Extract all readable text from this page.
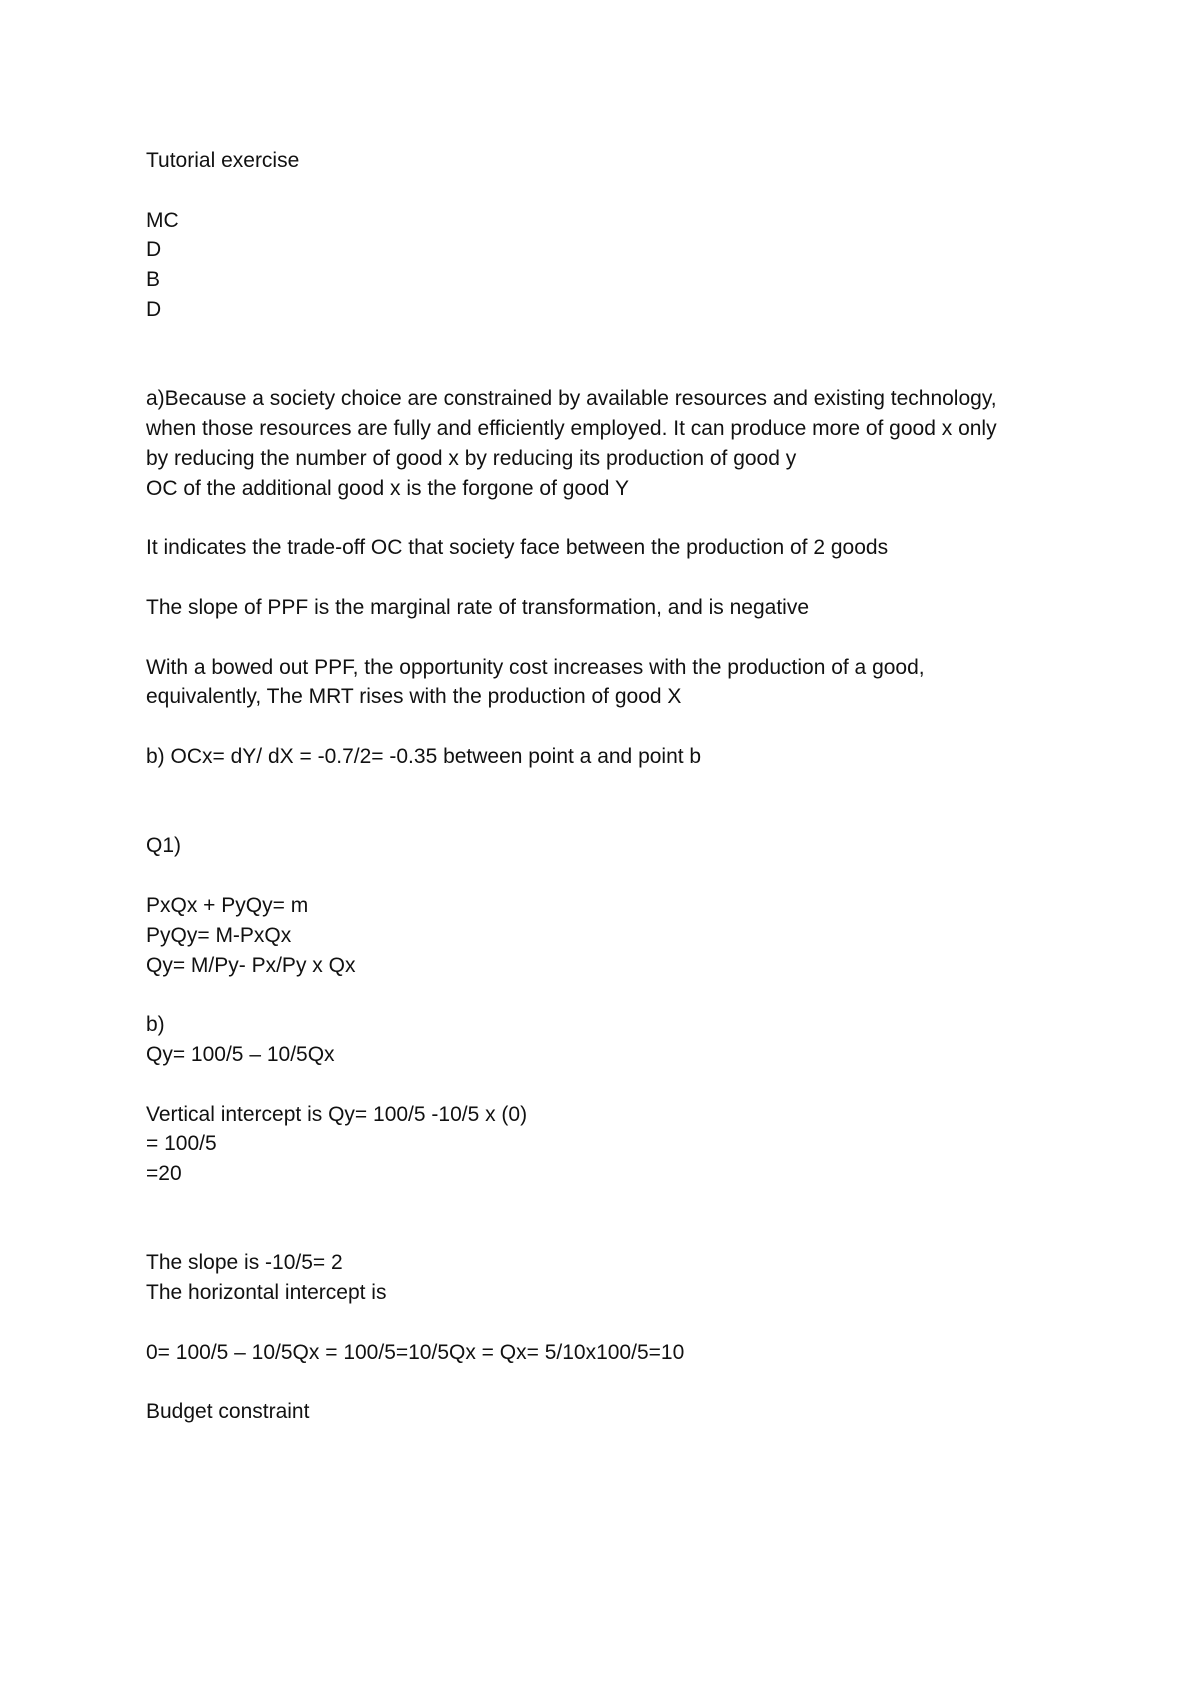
Tutorial exercise
MC
D
B
D
a)Because a society choice are constrained by available resources and existing technology,
when those resources are fully and efficiently employed. It can produce more of good x only
by reducing the number of good x by reducing its production of good y
OC of the additional good x is the forgone of good Y
It indicates the trade-off OC that society face between the production of 2 goods
The slope of PPF is the marginal rate of transformation, and is negative
With a bowed out PPF, the opportunity cost increases with the production of a good,
equivalently, The MRT rises with the production of good X
b) OCx= dY/ dX = -0.7/2= -0.35 between point a and point b
Q1)
PxQx + PyQy= m
PyQy= M-PxQx
Qy= M/Py- Px/Py x Qx
b)
Qy= 100/5 – 10/5Qx
Vertical intercept is Qy= 100/5 -10/5 x (0)
= 100/5
=20
The slope is -10/5= 2
The horizontal intercept is
0= 100/5 – 10/5Qx = 100/5=10/5Qx = Qx= 5/10x100/5=10
Budget constraint
